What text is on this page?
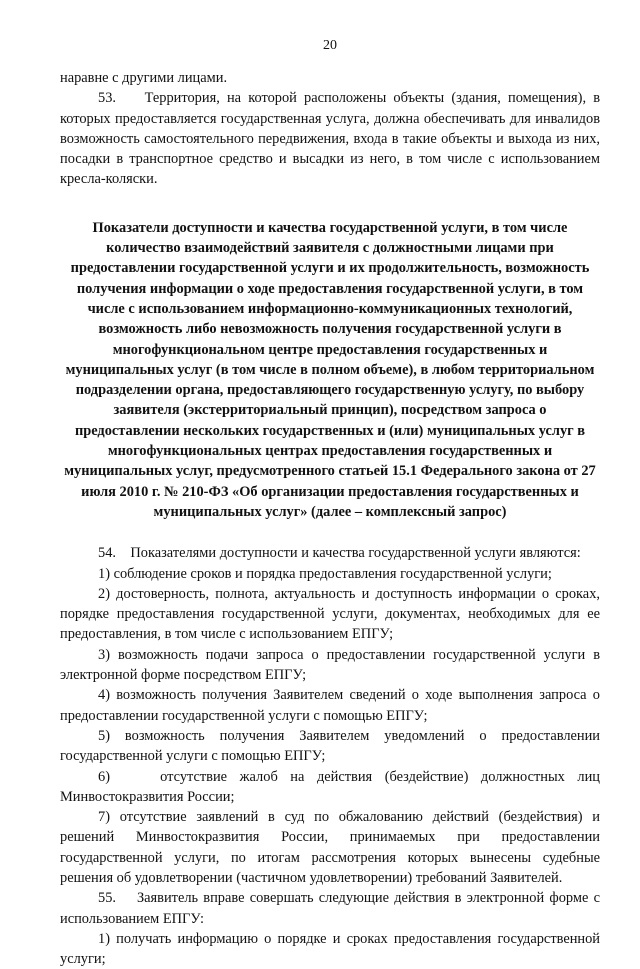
20

наравне с другими лицами.

53.    Территория, на которой расположены объекты (здания, помещения), в которых предоставляется государственная услуга, должна обеспечивать для инвалидов возможность самостоятельного передвижения, входа в такие объекты и выхода из них, посадки в транспортное средство и высадки из него, в том числе с использованием кресла-коляски.

Показатели доступности и качества государственной услуги, в том числе количество взаимодействий заявителя с должностными лицами при предоставлении государственной услуги и их продолжительность, возможность получения информации о ходе предоставления государственной услуги, в том числе с использованием информационно-коммуникационных технологий, возможность либо невозможность получения государственной услуги в многофункциональном центре предоставления государственных и муниципальных услуг (в том числе в полном объеме), в любом территориальном подразделении органа, предоставляющего государственную услугу, по выбору заявителя (экстерриториальный принцип), посредством запроса о предоставлении нескольких государственных и (или) муниципальных услуг в многофункциональных центрах предоставления государственных и муниципальных услуг, предусмотренного статьей 15.1 Федерального закона от 27 июля 2010 г. № 210-ФЗ «Об организации предоставления государственных и муниципальных услуг» (далее – комплексный запрос)

54.    Показателями доступности и качества государственной услуги являются:

1) соблюдение сроков и порядка предоставления государственной услуги;

2) достоверность, полнота, актуальность и доступность информации о сроках, порядке предоставления государственной услуги, документах, необходимых для ее предоставления, в том числе с использованием ЕПГУ;

3) возможность подачи запроса о предоставлении государственной услуги в электронной форме посредством ЕПГУ;

4) возможность получения Заявителем сведений о ходе выполнения запроса о предоставлении государственной услуги с помощью ЕПГУ;

5) возможность получения Заявителем уведомлений о предоставлении государственной услуги с помощью ЕПГУ;

6)    отсутствие жалоб на действия (бездействие) должностных лиц Минвостокразвития России;

7) отсутствие заявлений в суд по обжалованию действий (бездействия) и решений Минвостокразвития России, принимаемых при предоставлении государственной услуги, по итогам рассмотрения которых вынесены судебные решения об удовлетворении (частичном удовлетворении) требований Заявителей.

55.    Заявитель вправе совершать следующие действия в электронной форме с использованием ЕПГУ:

1) получать информацию о порядке и сроках предоставления государственной услуги;
